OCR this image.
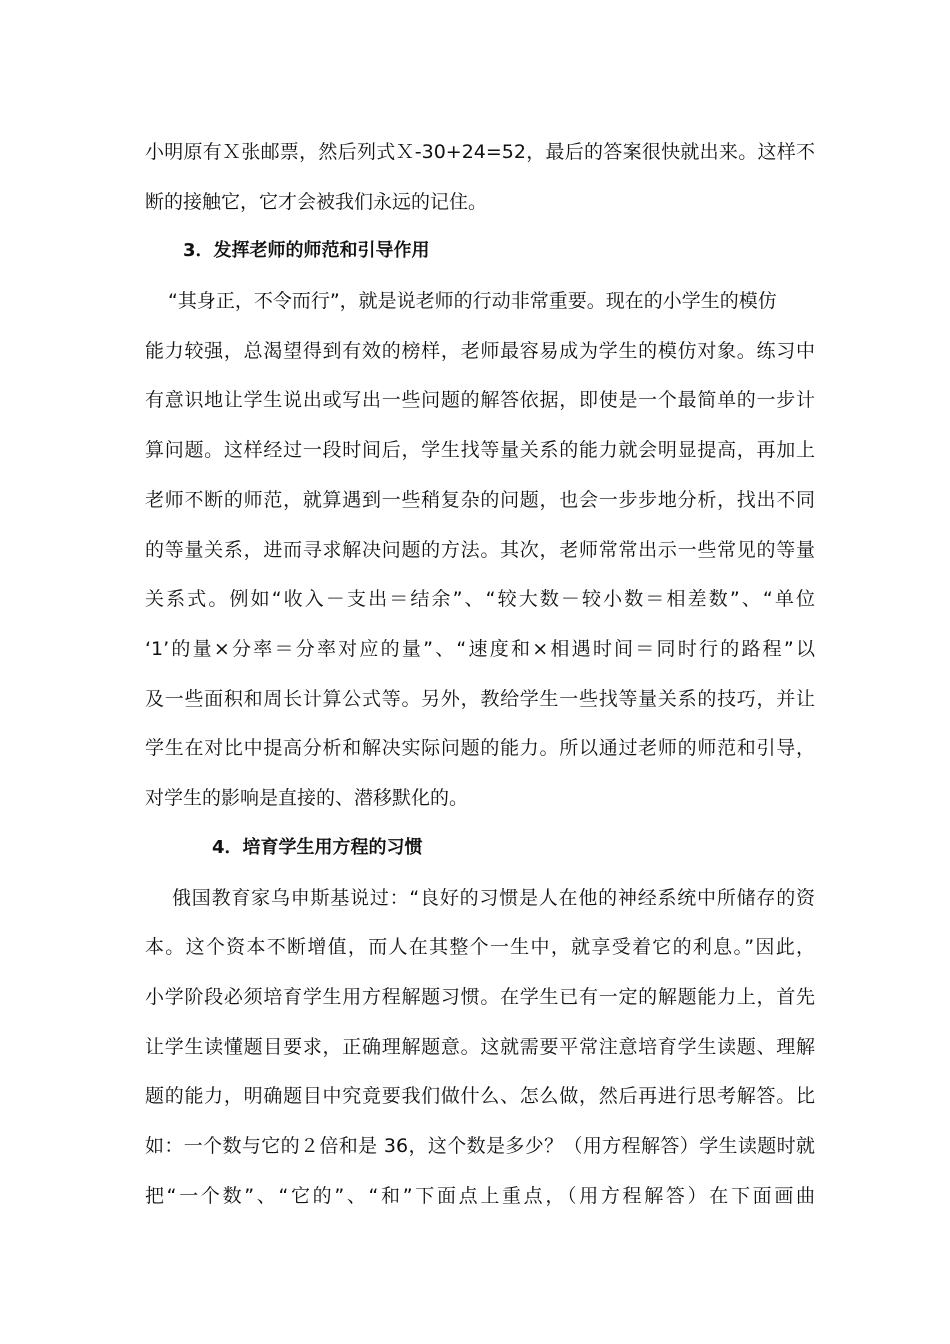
小明原有Ｘ张邮票，然后列式Ｘ-30+24=52，最后的答案很快就出来。这样不
断的接触它，它才会被我们永远的记住。
3．发挥老师的师范和引导作用
“其身正，不令而行”，就是说老师的行动非常重要。现在的小学生的模仿
能力较强，总渴望得到有效的榜样，老师最容易成为学生的模仿对象。练习中
有意识地让学生说出或写出一些问题的解答依据，即使是一个最简单的一步计
算问题。这样经过一段时间后，学生找等量关系的能力就会明显提高，再加上
老师不断的师范，就算遇到一些稍复杂的问题，也会一步步地分析，找出不同
的等量关系，进而寻求解决问题的方法。其次，老师常常出示一些常见的等量
关系式。例如“收入－支出＝结余”、“较大数－较小数＝相差数”、“单位
‘1’的量×分率＝分率对应的量”、“速度和×相遇时间＝同时行的路程”以
及一些面积和周长计算公式等。另外，教给学生一些找等量关系的技巧，并让
学生在对比中提高分析和解决实际问题的能力。所以通过老师的师范和引导，
对学生的影响是直接的、潜移默化的。
4．培育学生用方程的习惯
俄国教育家乌申斯基说过：“良好的习惯是人在他的神经系统中所储存的资
本。这个资本不断增值，而人在其整个一生中，就享受着它的利息。”因此，
小学阶段必须培育学生用方程解题习惯。在学生已有一定的解题能力上，首先
让学生读懂题目要求，正确理解题意。这就需要平常注意培育学生读题、理解
题的能力，明确题目中究竟要我们做什么、怎么做，然后再进行思考解答。比
如：一个数与它的２倍和是 36，这个数是多少？（用方程解答）学生读题时就
把“一个数”、“它的”、“和”下面点上重点，（用方程解答）在下面画曲
